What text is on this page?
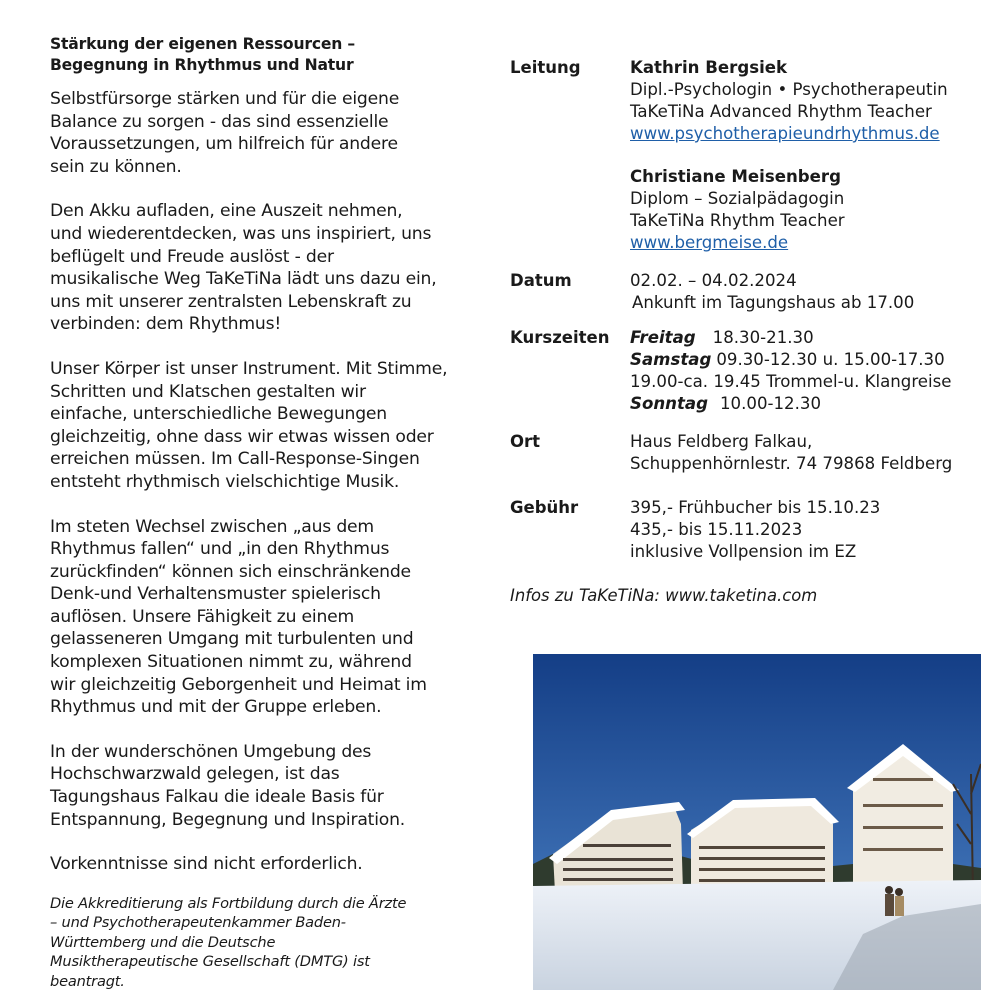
Stärkung der eigenen Ressourcen –
Begegnung in Rhythmus und Natur
Selbstfürsorge stärken und für die eigene
Balance zu sorgen - das sind essenzielle
Voraussetzungen, um hilfreich für andere
sein zu können.
Den Akku aufladen, eine Auszeit nehmen,
und wiederentdecken, was uns inspiriert, uns
beflügelt und Freude auslöst - der
musikalische Weg TaKeTiNa lädt uns dazu ein,
uns mit unserer zentralsten Lebenskraft zu
verbinden: dem Rhythmus!
Unser Körper ist unser Instrument. Mit Stimme,
Schritten und Klatschen gestalten wir
einfache, unterschiedliche Bewegungen
gleichzeitig, ohne dass wir etwas wissen oder
erreichen müssen. Im Call-Response-Singen
entsteht rhythmisch vielschichtige Musik.
Im steten Wechsel zwischen „aus dem
Rhythmus fallen“ und „in den Rhythmus
zurückfinden“ können sich einschränkende
Denk-und Verhaltensmuster spielerisch
auflösen. Unsere Fähigkeit zu einem
gelasseneren Umgang mit turbulenten und
komplexen Situationen nimmt zu, während
wir gleichzeitig Geborgenheit und Heimat im
Rhythmus und mit der Gruppe erleben.
In der wunderschönen Umgebung des
Hochschwarzwald gelegen, ist das
Tagungshaus Falkau die ideale Basis für
Entspannung, Begegnung und Inspiration.
Vorkenntnisse sind nicht erforderlich.
Die Akkreditierung als Fortbildung durch die Ärzte
– und Psychotherapeutenkammer Baden-
Württemberg und die Deutsche
Musiktherapeutische Gesellschaft (DMTG) ist
beantragt.
Leitung	Kathrin Bergsiek
Dipl.-Psychologin • Psychotherapeutin
TaKeTiNa Advanced Rhythm Teacher
www.psychotherapieundrhythmus.de
Christiane Meisenberg
Diplom – Sozialpädagogin
TaKeTiNa Rhythm Teacher
www.bergmeise.de
Datum	02.02. – 04.02.2024
Ankunft im Tagungshaus ab 17.00
Kurszeiten Freitag 18.30-21.30
Samstag 09.30-12.30 u. 15.00-17.30
19.00-ca. 19.45 Trommel-u. Klangreise
Sonntag 10.00-12.30
Ort	Haus Feldberg Falkau,
Schuppenhörnlestr. 74 79868 Feldberg
Gebühr	395,- Frühbucher bis 15.10.23
435,- bis 15.11.2023
inklusive Vollpension im EZ
Infos zu TaKeTiNa: www.taketina.com
